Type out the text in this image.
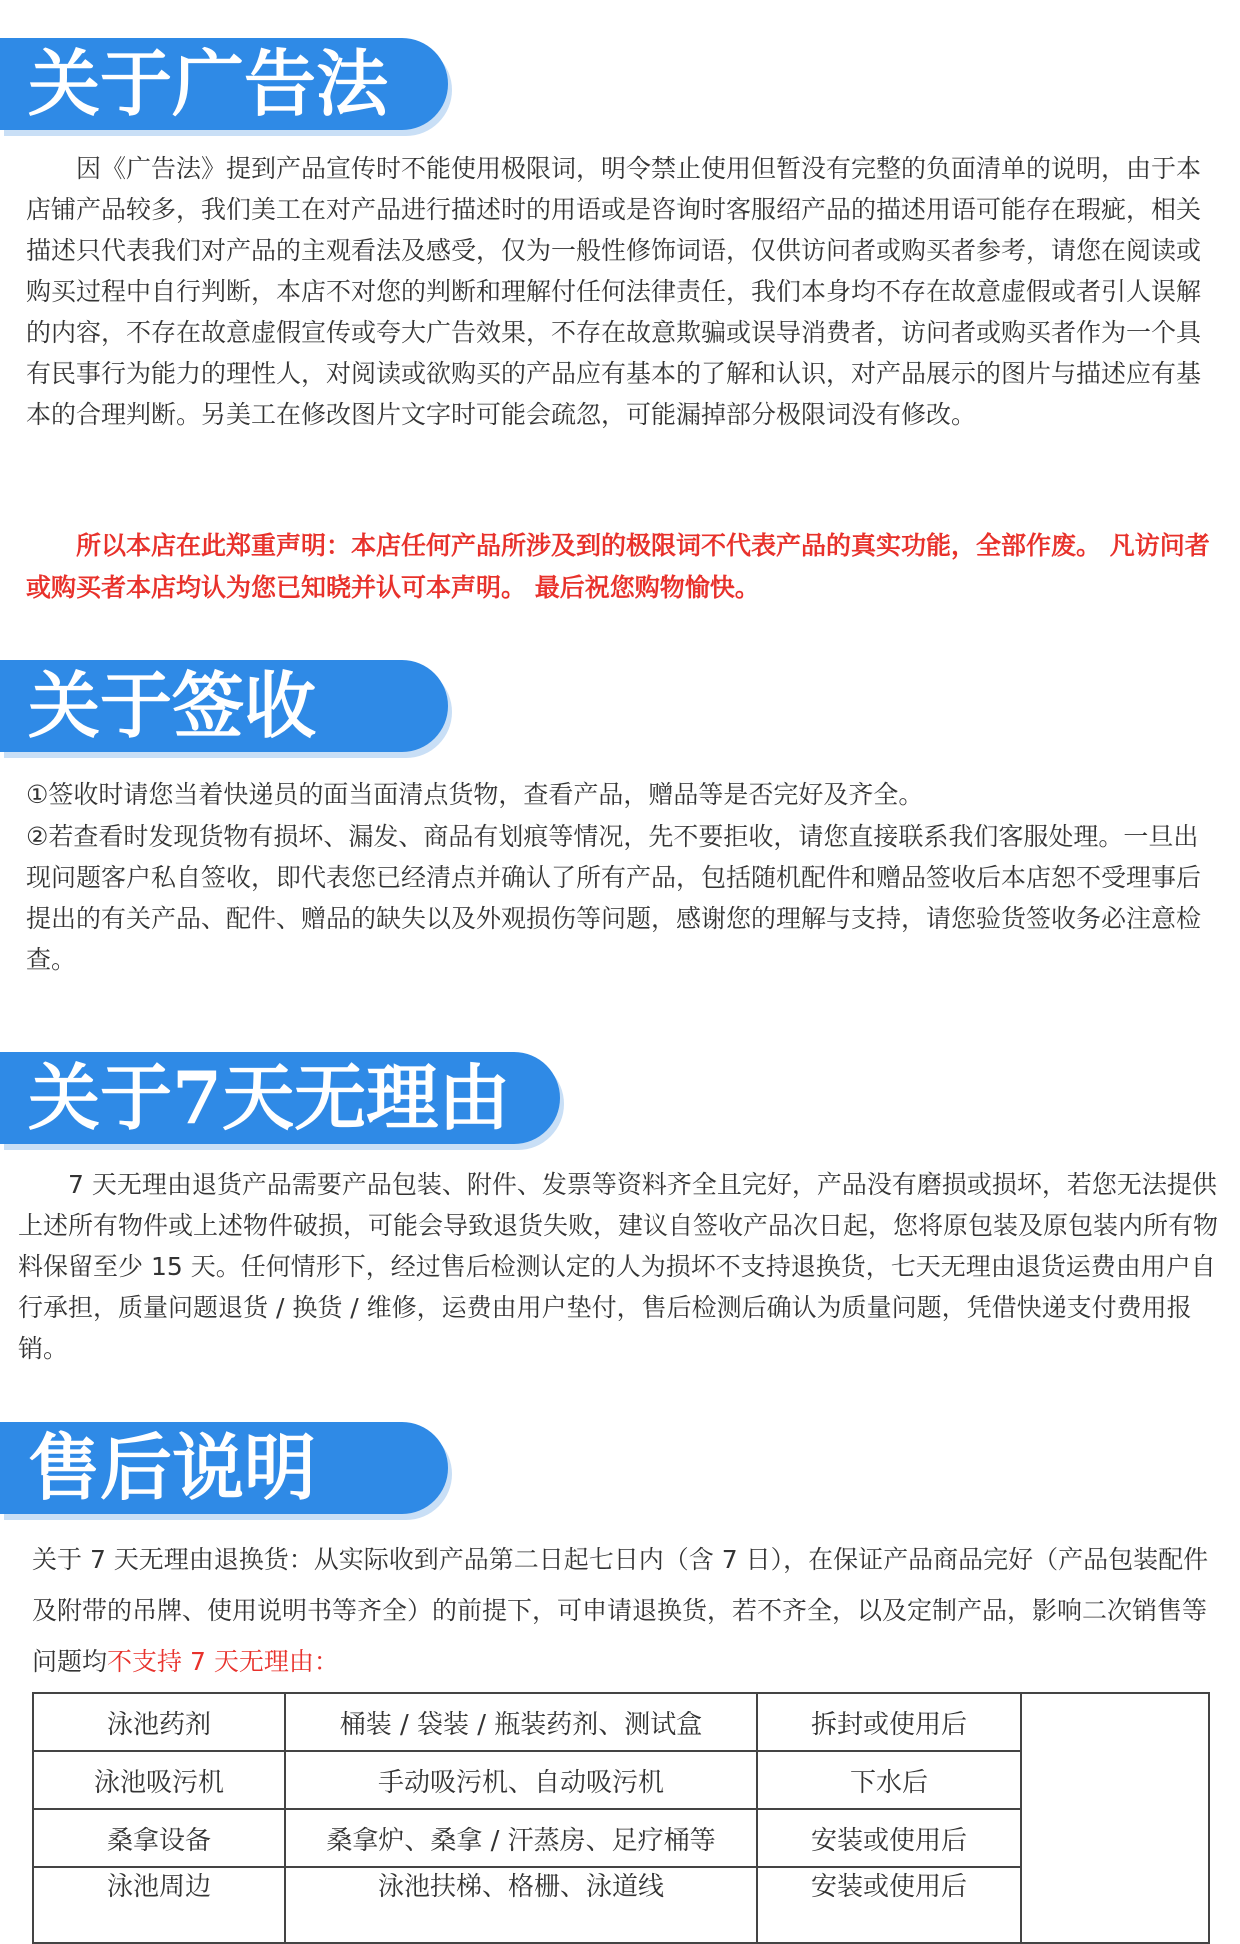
关于广告法

因《广告法》提到产品宣传时不能使用极限词，明令禁止使用但暂没有完整的负面清单的说明，由于本店铺产品较多，我们美工在对产品进行描述时的用语或是咨询时客服绍产品的描述用语可能存在瑕疵，相关描述只代表我们对产品的主观看法及感受，仅为一般性修饰词语，仅供访问者或购买者参考，请您在阅读或购买过程中自行判断，本店不对您的判断和理解付任何法律责任，我们本身均不存在故意虚假或者引人误解的内容，不存在故意虚假宣传或夸大广告效果，不存在故意欺骗或误导消费者，访问者或购买者作为一个具有民事行为能力的理性人，对阅读或欲购买的产品应有基本的了解和认识，对产品展示的图片与描述应有基本的合理判断。另美工在修改图片文字时可能会疏忽，可能漏掉部分极限词没有修改。

所以本店在此郑重声明：本店任何产品所涉及到的极限词不代表产品的真实功能，全部作废。 凡访问者或购买者本店均认为您已知晓并认可本声明。 最后祝您购物愉快。
关于签收

①签收时请您当着快递员的面当面清点货物，查看产品，赠品等是否完好及齐全。

②若查看时发现货物有损坏、漏发、商品有划痕等情况，先不要拒收，请您直接联系我们客服处理。一旦出现问题客户私自签收，即代表您已经清点并确认了所有产品，包括随机配件和赠品签收后本店恕不受理事后提出的有关产品、配件、赠品的缺失以及外观损伤等问题，感谢您的理解与支持，请您验货签收务必注意检查。

关于7天无理由

7 天无理由退货产品需要产品包装、附件、发票等资料齐全且完好，产品没有磨损或损坏，若您无法提供上述所有物件或上述物件破损，可能会导致退货失败，建议自签收产品次日起，您将原包装及原包装内所有物料保留至少 15 天。任何情形下，经过售后检测认定的人为损坏不支持退换货，七天无理由退货运费由用户自行承担，质量问题退货 / 换货 / 维修，运费由用户垫付，售后检测后确认为质量问题，凭借快递支付费用报销。

售后说明

关于 7 天无理由退换货：从实际收到产品第二日起七日内（含 7 日），在保证产品商品完好（产品包装配件及附带的吊牌、使用说明书等齐全）的前提下，可申请退换货，若不齐全，以及定制产品，影响二次销售等问题均不支持 7 天无理由：

泳池药剂	桶装 / 袋装 / 瓶装药剂、测试盒	拆封或使用后	
泳池吸污机	手动吸污机、自动吸污机	下水后	
桑拿设备	桑拿炉、桑拿 / 汗蒸房、足疗桶等	安装或使用后	
泳池周边	泳池扶梯、格栅、泳道线	安装或使用后	
